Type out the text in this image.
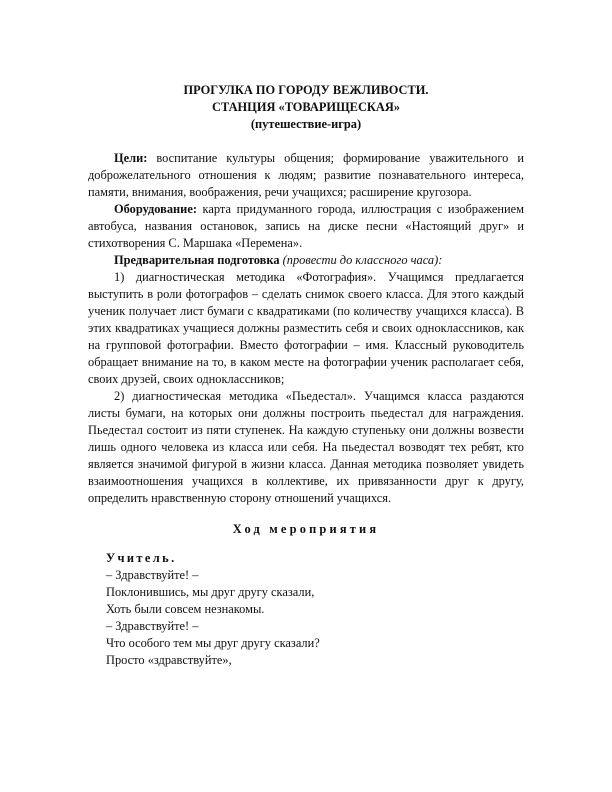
ПРОГУЛКА ПО ГОРОДУ ВЕЖЛИВОСТИ.
СТАНЦИЯ «ТОВАРИЩЕСКАЯ»
(путешествие-игра)

Цели: воспитание культуры общения; формирование уважительного и доброжелательного отношения к людям; развитие познавательного интереса, памяти, внимания, воображения, речи учащихся; расширение кругозора.

Оборудование: карта придуманного города, иллюстрация с изображением автобуса, названия остановок, запись на диске песни «Настоящий друг» и стихотворения С. Маршака «Перемена».

Предварительная подготовка (провести до классного часа):

1) диагностическая методика «Фотография». Учащимся предлагается выступить в роли фотографов – сделать снимок своего класса. Для этого каждый ученик получает лист бумаги с квадратиками (по количеству учащихся класса). В этих квадратиках учащиеся должны разместить себя и своих одноклассников, как на групповой фотографии. Вместо фотографии – имя. Классный руководитель обращает внимание на то, в каком месте на фотографии ученик располагает себя, своих друзей, своих одноклассников;

2) диагностическая методика «Пьедестал». Учащимся класса раздаются листы бумаги, на которых они должны построить пьедестал для награждения. Пьедестал состоит из пяти ступенек. На каждую ступеньку они должны возвести лишь одного человека из класса или себя. На пьедестал возводят тех ребят, кто является значимой фигурой в жизни класса. Данная методика позволяет увидеть взаимоотношения учащихся в коллективе, их привязанности друг к другу, определить нравственную сторону отношений учащихся.

Ход мероприятия

Учитель.

– Здравствуйте! –

Поклонившись, мы друг другу сказали,

Хоть были совсем незнакомы.

– Здравствуйте! –

Что особого тем мы друг другу сказали?

Просто «здравствуйте»,
